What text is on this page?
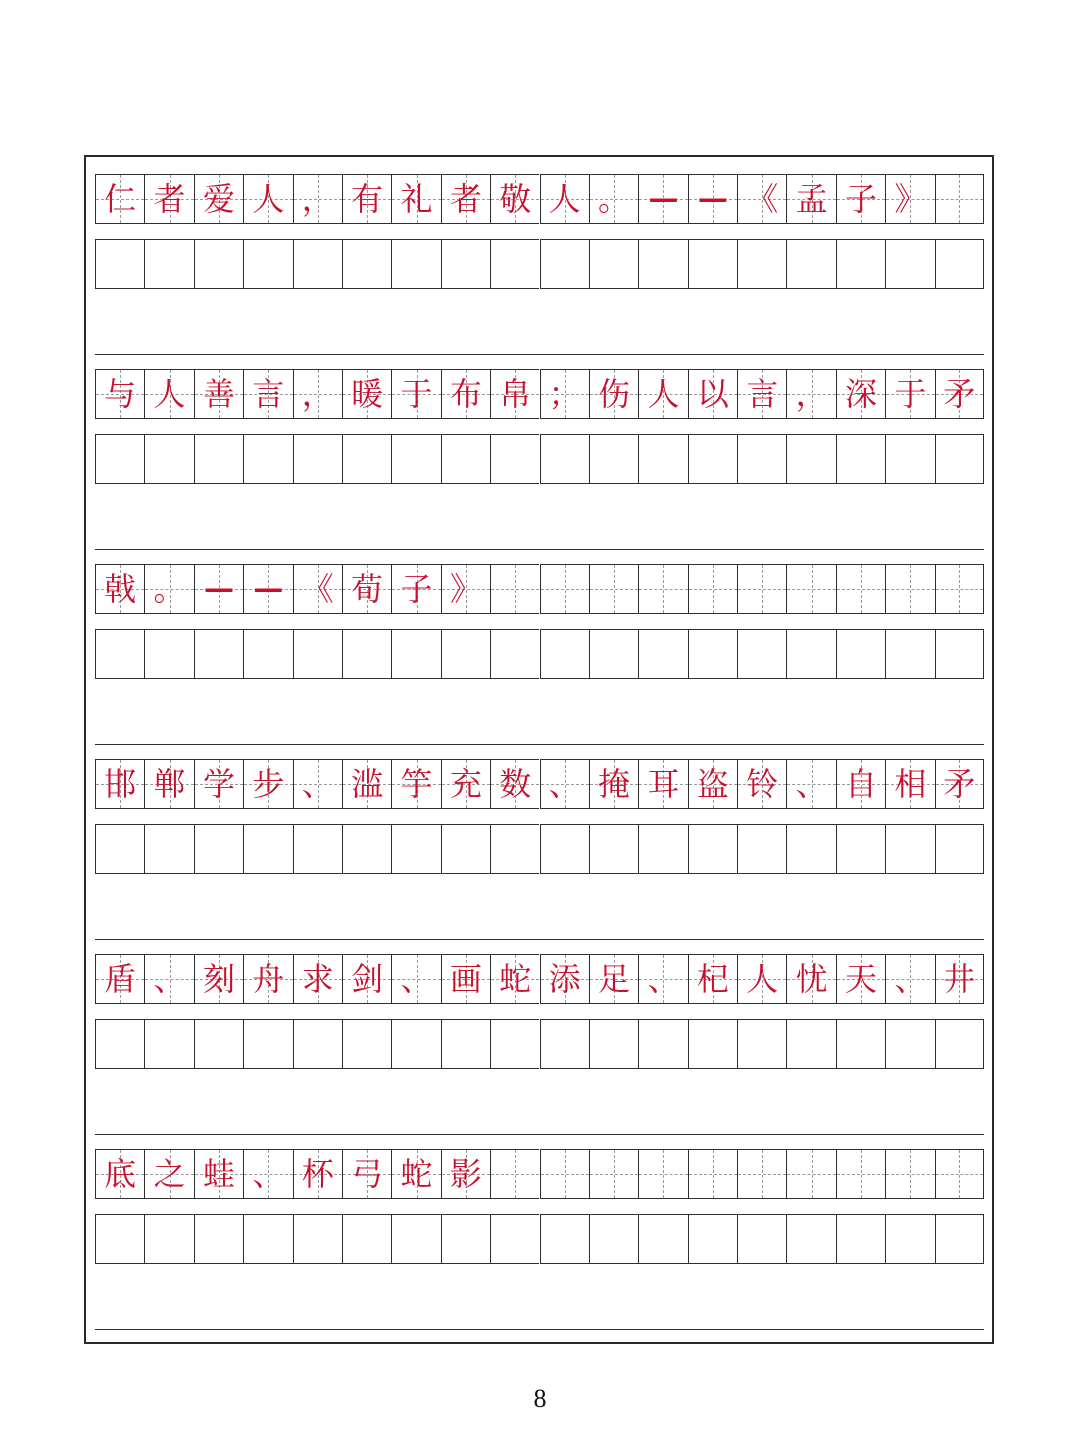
仁 者 爱 人 ， 有 礼 者 敬 人 。 — — 《 孟 子 》
与 人 善 言 ， 暖 于 布 帛 ； 伤 人 以 言 ， 深 于 矛
戟 。 — — 《 荀 子 》
邯 郸 学 步 、 滥 竽 充 数 、 掩 耳 盗 铃 、 自 相 矛
盾 、 刻 舟 求 剑 、 画 蛇 添 足 、 杞 人 忧 天 、 井
底 之 蛙 、 杯 弓 蛇 影
8
